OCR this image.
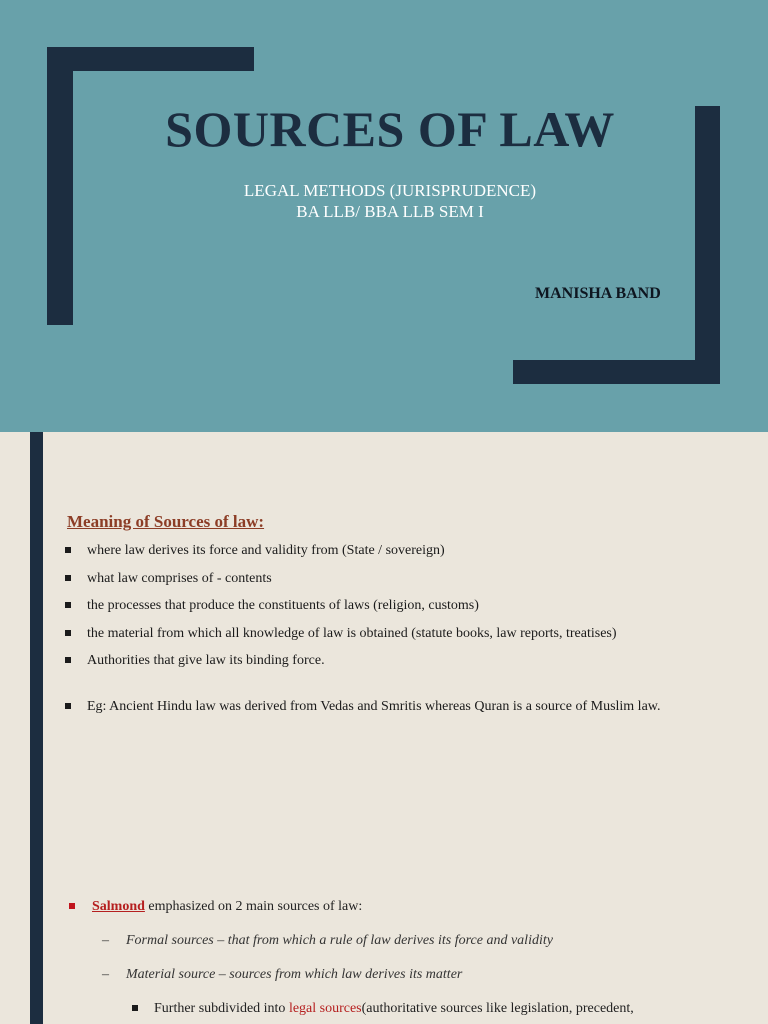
SOURCES OF LAW
LEGAL METHODS (JURISPRUDENCE)
BA LLB/ BBA LLB SEM I
MANISHA BAND
Meaning of Sources of law:
where law derives its force and validity from (State / sovereign)
what law comprises of - contents
the processes that produce the constituents of laws (religion, customs)
the material from which all knowledge of law is obtained (statute books, law reports, treatises)
Authorities that give law its binding force.
Eg: Ancient Hindu law was derived from Vedas and Smritis whereas Quran is a source of Muslim law.
Salmond emphasized on 2 main sources of law:
– Formal sources – that from which a rule of law derives its force and validity
– Material source – sources from which law derives its matter
Further subdivided into legal sources(authoritative sources like legislation, precedent,
